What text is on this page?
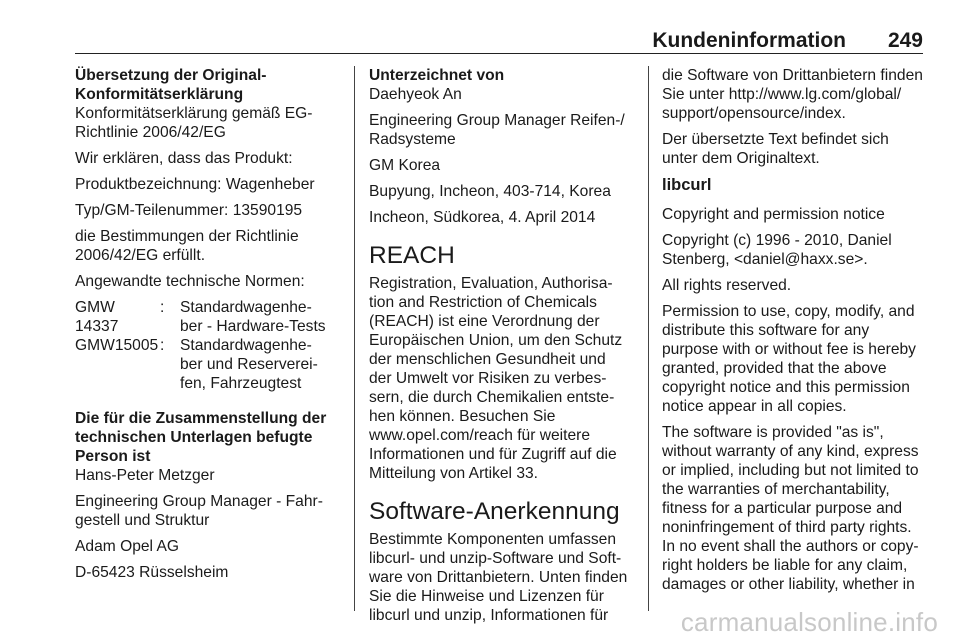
Kundeninformation 249
Übersetzung der Original-
Konformitätserklärung

Konformitätserklärung gemäß EG-
Richtlinie 2006/42/EG

Wir erklären, dass das Produkt:

Produktbezeichnung: Wagenheber

Typ/GM-Teilenummer: 13590195

die Bestimmungen der Richtlinie
2006/42/EG erfüllt.

Angewandte technische Normen:

GMW 14337
:	Standardwagenhe-
ber - Hardware-Tests
GMW15005 :	Standardwagenhe-
ber und Reserverei-
fen, Fahrzeugtest
Die für die Zusammenstellung der
technischen Unterlagen befugte
Person ist

Hans-Peter Metzger

Engineering Group Manager - Fahr-
gestell und Struktur

Adam Opel AG

D-65423 Rüsselsheim

Unterzeichnet von

Daehyeok An

Engineering Group Manager Reifen-/
Radsysteme

GM Korea

Bupyung, Incheon, 403-714, Korea

Incheon, Südkorea, 4. April 2014

REACH

Registration, Evaluation, Authorisa-
tion and Restriction of Chemicals
(REACH) ist eine Verordnung der
Europäischen Union, um den Schutz
der menschlichen Gesundheit und
der Umwelt vor Risiken zu verbes-
sern, die durch Chemikalien entste-
hen können. Besuchen Sie
www.opel.com/reach für weitere
Informationen und für Zugriff auf die
Mitteilung von Artikel 33.

Software-Anerkennung

Bestimmte Komponenten umfassen
libcurl- und unzip-Software und Soft-
ware von Drittanbietern. Unten finden
Sie die Hinweise und Lizenzen für
libcurl und unzip, Informationen für

die Software von Drittanbietern finden
Sie unter http://www.lg.com/global/
support/opensource/index.

Der übersetzte Text befindet sich
unter dem Originaltext.

libcurl

Copyright and permission notice

Copyright (c) 1996 - 2010, Daniel
Stenberg, <daniel@haxx.se>.

All rights reserved.

Permission to use, copy, modify, and
distribute this software for any
purpose with or without fee is hereby
granted, provided that the above
copyright notice and this permission
notice appear in all copies.

The software is provided "as is",
without warranty of any kind, express
or implied, including but not limited to
the warranties of merchantability,
fitness for a particular purpose and
noninfringement of third party rights.
In no event shall the authors or copy-
right holders be liable for any claim,
damages or other liability, whether in

carmanualsonline.info
